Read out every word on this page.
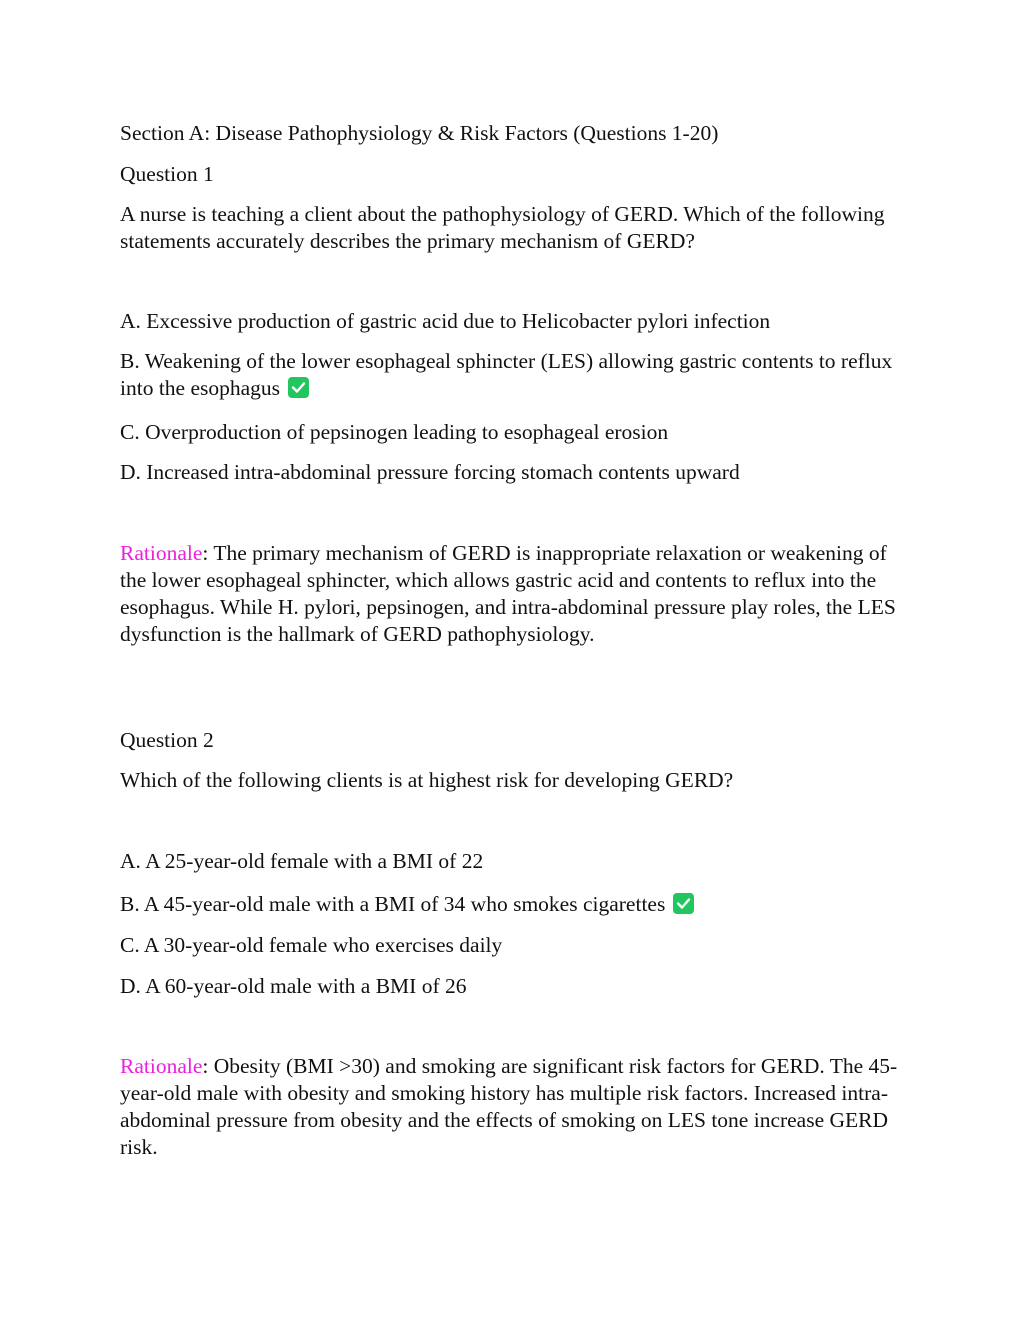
Section A: Disease Pathophysiology & Risk Factors (Questions 1-20)
Question 1
A nurse is teaching a client about the pathophysiology of GERD. Which of the following statements accurately describes the primary mechanism of GERD?
A. Excessive production of gastric acid due to Helicobacter pylori infection
B. Weakening of the lower esophageal sphincter (LES) allowing gastric contents to reflux into the esophagus
C. Overproduction of pepsinogen leading to esophageal erosion
D. Increased intra-abdominal pressure forcing stomach contents upward
Rationale: The primary mechanism of GERD is inappropriate relaxation or weakening of the lower esophageal sphincter, which allows gastric acid and contents to reflux into the esophagus. While H. pylori, pepsinogen, and intra-abdominal pressure play roles, the LES dysfunction is the hallmark of GERD pathophysiology.
Question 2
Which of the following clients is at highest risk for developing GERD?
A. A 25-year-old female with a BMI of 22
B. A 45-year-old male with a BMI of 34 who smokes cigarettes
C. A 30-year-old female who exercises daily
D. A 60-year-old male with a BMI of 26
Rationale: Obesity (BMI >30) and smoking are significant risk factors for GERD. The 45-year-old male with obesity and smoking history has multiple risk factors. Increased intra-abdominal pressure from obesity and the effects of smoking on LES tone increase GERD risk.
